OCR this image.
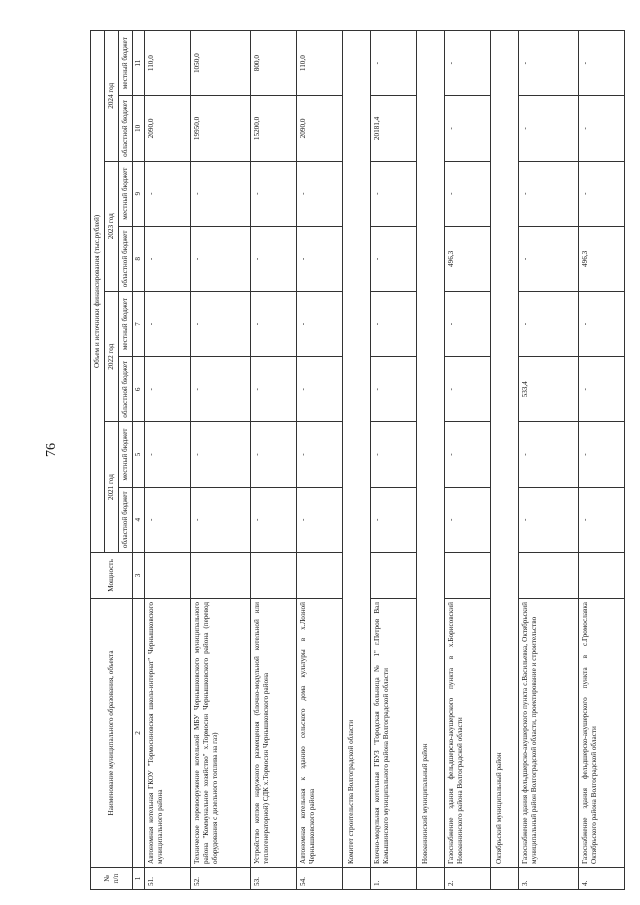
76
№
п/п	Наименование муниципального образования, объекта	Мощность	Объем и источники финансирования (тыс.рублей)							
			2021 год		2022 год		2023 год		2024 год	
			областной бюджет	местный бюджет	областной бюджет	местный бюджет	областной бюджет	местный бюджет	областной бюджет	местный бюджет
1	2	3	4	5	6	7	8	9	10	11
51.	Автономная котельная ГКОУ "Тормосиновская школа-интернат" Чернышковского муниципального района		-	-	-	-	-	-	2090,0	110,0
52.	Техническое перевооружение котельной МБУ Чернышковского муниципального района "Коммунальное хозяйство" х.Тормосин Чернышковского района (перевод оборудования с дизельного топлива на газ)		-	-	-	-	-	-	19950,0	1050,0
53.	Устройство котлов наружного размещения (блочно-модульной котельной или теплогенераторной) СДК х.Тормосин Чернышковского района		-	-	-	-	-	-	15200,0	800,0
54.	Автономная котельная к зданию сельского дома культуры в х.Лозной Чернышковского района		-	-	-	-	-	-	2090,0	110,0
	Комитет строительства Волгоградской области									
1.	Блочно-модульная котельная ГБУЗ "Городская больница № 1" г.Петров Вал Камышинского муниципального района Волгоградской области		-	-	-	-	-	-	20181,4	-
	Новоаннинский муниципальный район									
2.	Газоснабжение здания фельдшерско-акушерского пункта в х.Борисовский Новоаннинского района Волгоградской области		-	-	-	-	496,3	-	-	-
	Октябрьский муниципальный район									
3.	Газоснабжение здания фельдшерско-акушерского пункта с.Васильевка, Октябрьский муниципальный район Волгоградской области, проектирование и строительство		-	-	533,4	-	-	-	-	-
4.	Газоснабжение здания фельдшерско-акушерского пункта в с.Громославка Октябрьского района Волгоградской области		-	-	-	-	496,3	-	-	-
